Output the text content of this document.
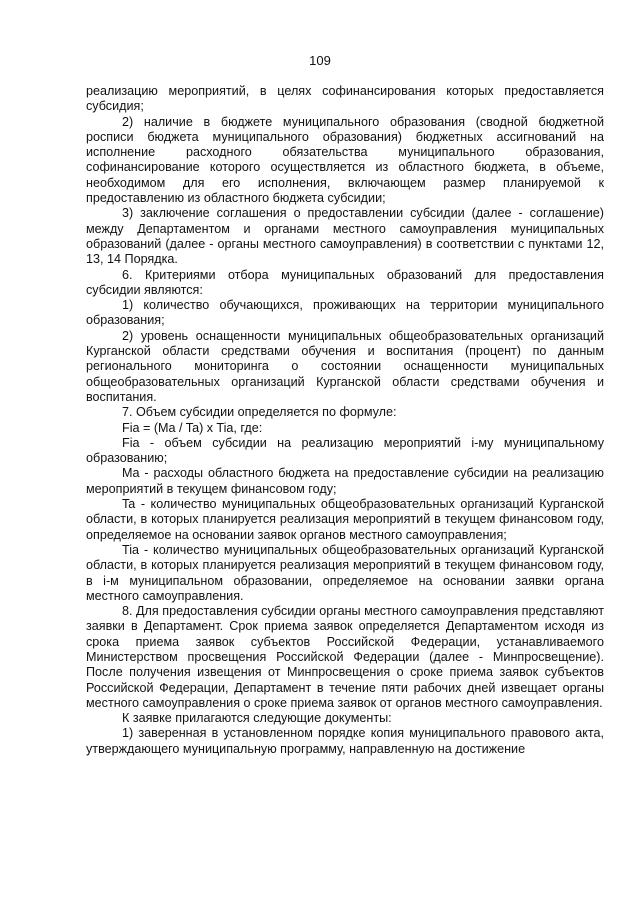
109

реализацию мероприятий, в целях софинансирования которых предоставляется субсидия;

2) наличие в бюджете муниципального образования (сводной бюджетной росписи бюджета муниципального образования) бюджетных ассигнований на исполнение расходного обязательства муниципального образования, софинансирование которого осуществляется из областного бюджета, в объеме, необходимом для его исполнения, включающем размер планируемой к предоставлению из областного бюджета субсидии;

3) заключение соглашения о предоставлении субсидии (далее - соглашение) между Департаментом и органами местного самоуправления муниципальных образований (далее - органы местного самоуправления) в соответствии с пунктами 12, 13, 14 Порядка.

6. Критериями отбора муниципальных образований для предоставления субсидии являются:

1) количество обучающихся, проживающих на территории муниципального образования;

2) уровень оснащенности муниципальных общеобразовательных организаций Курганской области средствами обучения и воспитания (процент) по данным регионального мониторинга о состоянии оснащенности муниципальных общеобразовательных организаций Курганской области средствами обучения и воспитания.

7. Объем субсидии определяется по формуле:

Fia = (Ma / Ta) x Tia, где:

Fia - объем субсидии на реализацию мероприятий i-му муниципальному образованию;

Ma - расходы областного бюджета на предоставление субсидии на реализацию мероприятий в текущем финансовом году;

Ta - количество муниципальных общеобразовательных организаций Курганской области, в которых планируется реализация мероприятий в текущем финансовом году, определяемое на основании заявок органов местного самоуправления;

Tia - количество муниципальных общеобразовательных организаций Курганской области, в которых планируется реализация мероприятий в текущем финансовом году, в i-м муниципальном образовании, определяемое на основании заявки органа местного самоуправления.

8. Для предоставления субсидии органы местного самоуправления представляют заявки в Департамент. Срок приема заявок определяется Департаментом исходя из срока приема заявок субъектов Российской Федерации, устанавливаемого Министерством просвещения Российской Федерации (далее - Минпросвещение). После получения извещения от Минпросвещения о сроке приема заявок субъектов Российской Федерации, Департамент в течение пяти рабочих дней извещает органы местного самоуправления о сроке приема заявок от органов местного самоуправления.

К заявке прилагаются следующие документы:

1) заверенная в установленном порядке копия муниципального правового акта, утверждающего муниципальную программу, направленную на достижение
